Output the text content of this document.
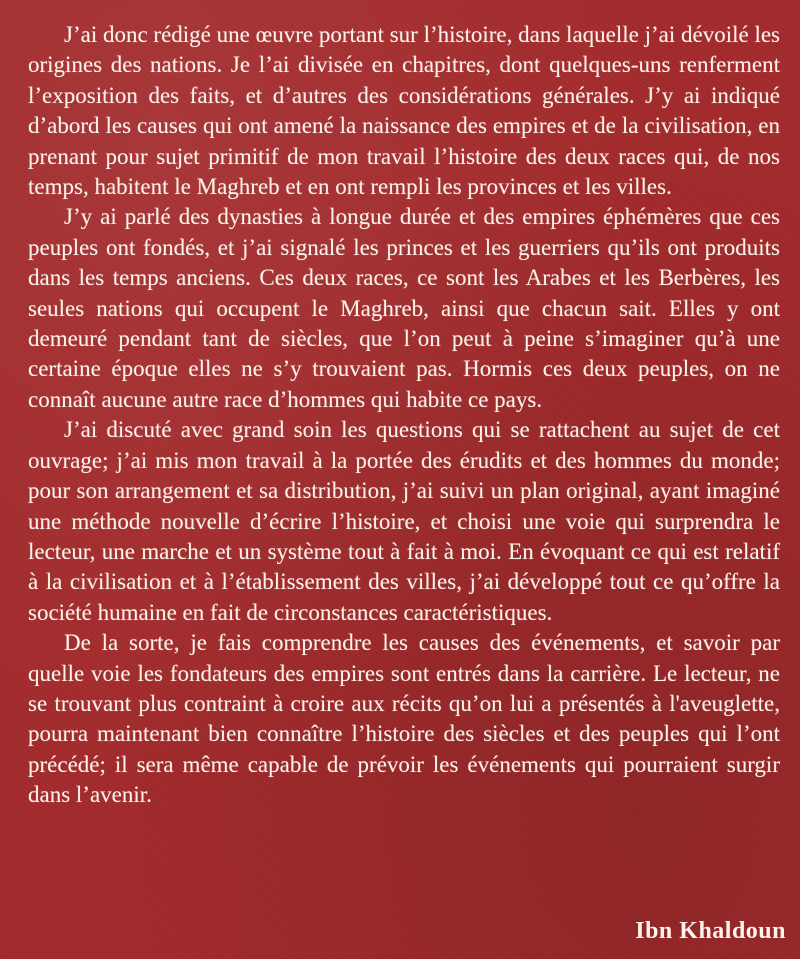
J’ai donc rédigé une œuvre portant sur l’histoire, dans laquelle j’ai dévoilé les origines des nations. Je l’ai divisée en chapitres, dont quelques-uns renferment l’exposition des faits, et d’autres des considérations générales. J’y ai indiqué d’abord les causes qui ont amené la naissance des empires et de la civilisation, en prenant pour sujet primitif de mon travail l’histoire des deux races qui, de nos temps, habitent le Maghreb et en ont rempli les provinces et les villes.

J’y ai parlé des dynasties à longue durée et des empires éphémères que ces peuples ont fondés, et j’ai signalé les princes et les guerriers qu’ils ont produits dans les temps anciens. Ces deux races, ce sont les Arabes et les Berbères, les seules nations qui occupent le Maghreb, ainsi que chacun sait. Elles y ont demeuré pendant tant de siècles, que l’on peut à peine s’imaginer qu’à une certaine époque elles ne s’y trouvaient pas. Hormis ces deux peuples, on ne connaît aucune autre race d’hommes qui habite ce pays.

J’ai discuté avec grand soin les questions qui se rattachent au sujet de cet ouvrage; j’ai mis mon travail à la portée des érudits et des hommes du monde; pour son arrangement et sa distribution, j’ai suivi un plan original, ayant imaginé une méthode nouvelle d’écrire l’histoire, et choisi une voie qui surprendra le lecteur, une marche et un système tout à fait à moi. En évoquant ce qui est relatif à la civilisation et à l’établissement des villes, j’ai développé tout ce qu’offre la société humaine en fait de circonstances caractéristiques.

De la sorte, je fais comprendre les causes des événements, et savoir par quelle voie les fondateurs des empires sont entrés dans la carrière. Le lecteur, ne se trouvant plus contraint à croire aux récits qu’on lui a présentés à l'aveuglette, pourra maintenant bien connaître l’histoire des siècles et des peuples qui l’ont précédé; il sera même capable de prévoir les événements qui pourraient surgir dans l’avenir.

Ibn Khaldoun
